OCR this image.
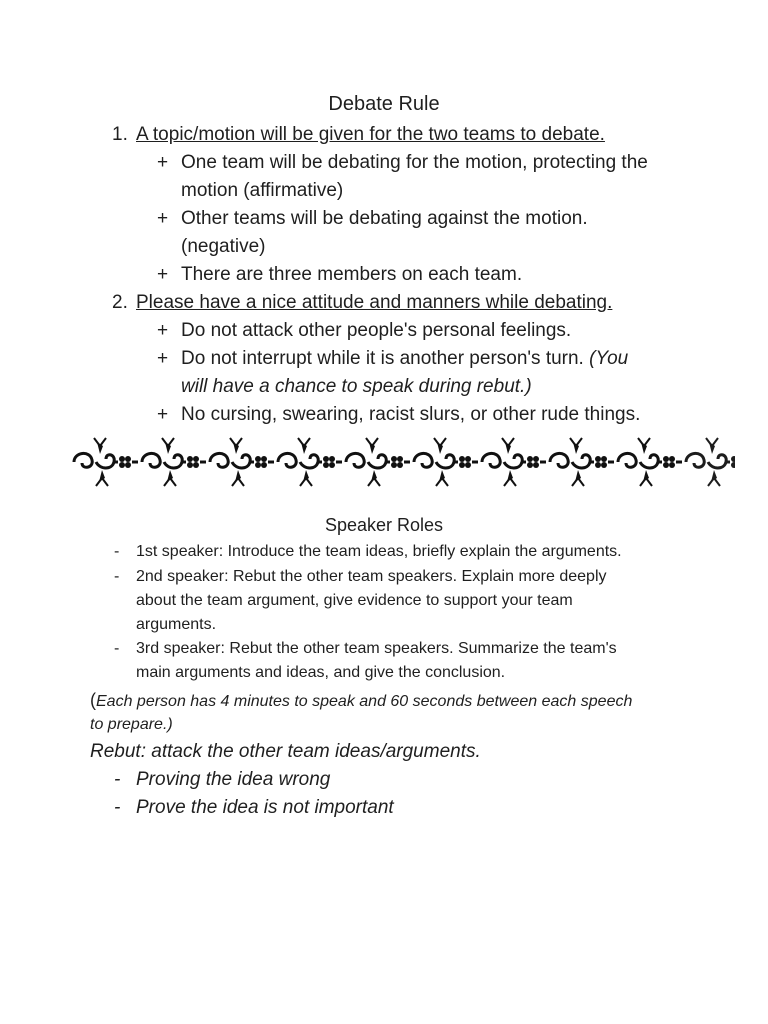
Debate Rule
1. A topic/motion will be given for the two teams to debate.
+ One team will be debating for the motion, protecting the
motion (affirmative)
+ Other teams will be debating against the motion.
(negative)
+ There are three members on each team.
2. Please have a nice attitude and manners while debating.
+ Do not attack other people's personal feelings.
+ Do not interrupt while it is another person's turn. (You
will have a chance to speak during rebut.)
+ No cursing, swearing, racist slurs, or other rude things.
Speaker Roles
- 1st speaker: Introduce the team ideas, briefly explain the arguments.
- 2nd speaker: Rebut the other team speakers. Explain more deeply
about the team argument, give evidence to support your team
arguments.
- 3rd speaker: Rebut the other team speakers. Summarize the team's
main arguments and ideas, and give the conclusion.
(Each person has 4 minutes to speak and 60 seconds between each speech
to prepare.)
Rebut: attack the other team ideas/arguments.
- Proving the idea wrong
- Prove the idea is not important
